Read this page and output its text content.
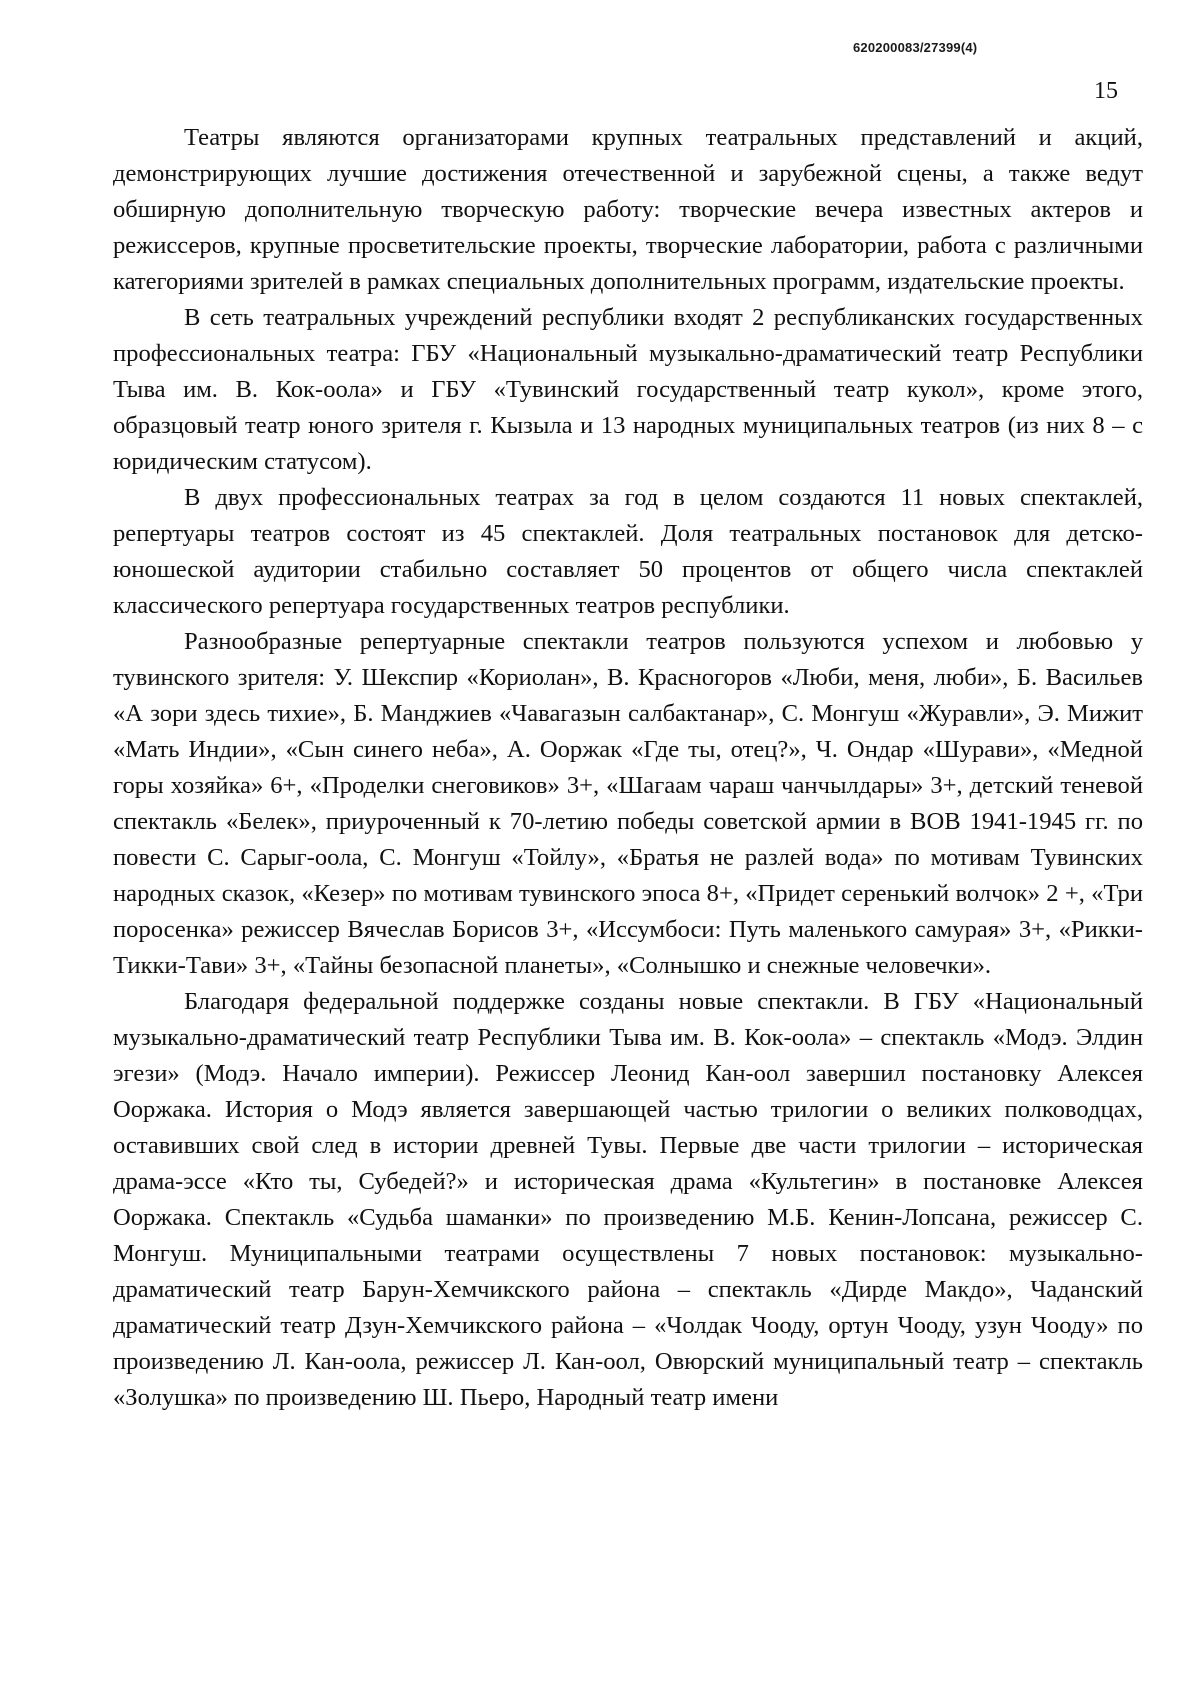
620200083/27399(4)
15

Театры являются организаторами крупных театральных представлений и акций, демонстрирующих лучшие достижения отечественной и зарубежной сцены, а также ведут обширную дополнительную творческую работу: творческие вечера известных актеров и режиссеров, крупные просветительские проекты, творческие лаборатории, работа с различными категориями зрителей в рамках специальных дополнительных программ, издательские проекты.

В сеть театральных учреждений республики входят 2 республиканских государственных профессиональных театра: ГБУ «Национальный музыкально-драматический театр Республики Тыва им. В. Кок-оола» и ГБУ «Тувинский государственный театр кукол», кроме этого, образцовый театр юного зрителя г. Кызыла и 13 народных муниципальных театров (из них 8 – с юридическим статусом).

В двух профессиональных театрах за год в целом создаются 11 новых спектаклей, репертуары театров состоят из 45 спектаклей. Доля театральных постановок для детско-юношеской аудитории стабильно составляет 50 процентов от общего числа спектаклей классического репертуара государственных театров республики.

Разнообразные репертуарные спектакли театров пользуются успехом и любовью у тувинского зрителя: У. Шекспир «Кориолан», В. Красногоров «Люби, меня, люби», Б. Васильев «А зори здесь тихие», Б. Манджиев «Чавагазын салбактанар», С. Монгуш «Журавли», Э. Мижит «Мать Индии», «Сын синего неба», А. Ооржак «Где ты, отец?», Ч. Ондар «Шурави», «Медной горы хозяйка» 6+, «Проделки снеговиков» 3+, «Шагаам чараш чанчылдары» 3+, детский теневой спектакль «Белек», приуроченный к 70-летию победы советской армии в ВОВ 1941-1945 гг. по повести С. Сарыг-оола, С. Монгуш «Тойлу», «Братья не разлей вода» по мотивам Тувинских народных сказок, «Кезер» по мотивам тувинского эпоса 8+, «Придет серенький волчок» 2 +, «Три поросенка» режиссер Вячеслав Борисов 3+, «Иссумбоси: Путь маленького самурая» 3+, «Рикки-Тикки-Тави» 3+, «Тайны безопасной планеты», «Солнышко и снежные человечки».

Благодаря федеральной поддержке созданы новые спектакли. В ГБУ «Национальный музыкально-драматический театр Республики Тыва им. В. Кок-оола» – спектакль «Модэ. Элдин эгези» (Модэ. Начало империи). Режиссер Леонид Кан-оол завершил постановку Алексея Ооржака. История о Модэ является завершающей частью трилогии о великих полководцах, оставивших свой след в истории древней Тувы. Первые две части трилогии – историческая драма-эссе «Кто ты, Субедей?» и историческая драма «Культегин» в постановке Алексея Ооржака. Спектакль «Судьба шаманки» по произведению М.Б. Кенин-Лопсана, режиссер С. Монгуш. Муниципальными театрами осуществлены 7 новых постановок: музыкально-драматический театр Барун-Хемчикского района – спектакль «Дирде Макдо», Чаданский драматический театр Дзун-Хемчикского района – «Чолдак Чооду, ортун Чооду, узун Чооду» по произведению Л. Кан-оола, режиссер Л. Кан-оол, Овюрский муниципальный театр – спектакль «Золушка» по произведению Ш. Пьеро, Народный театр имени
